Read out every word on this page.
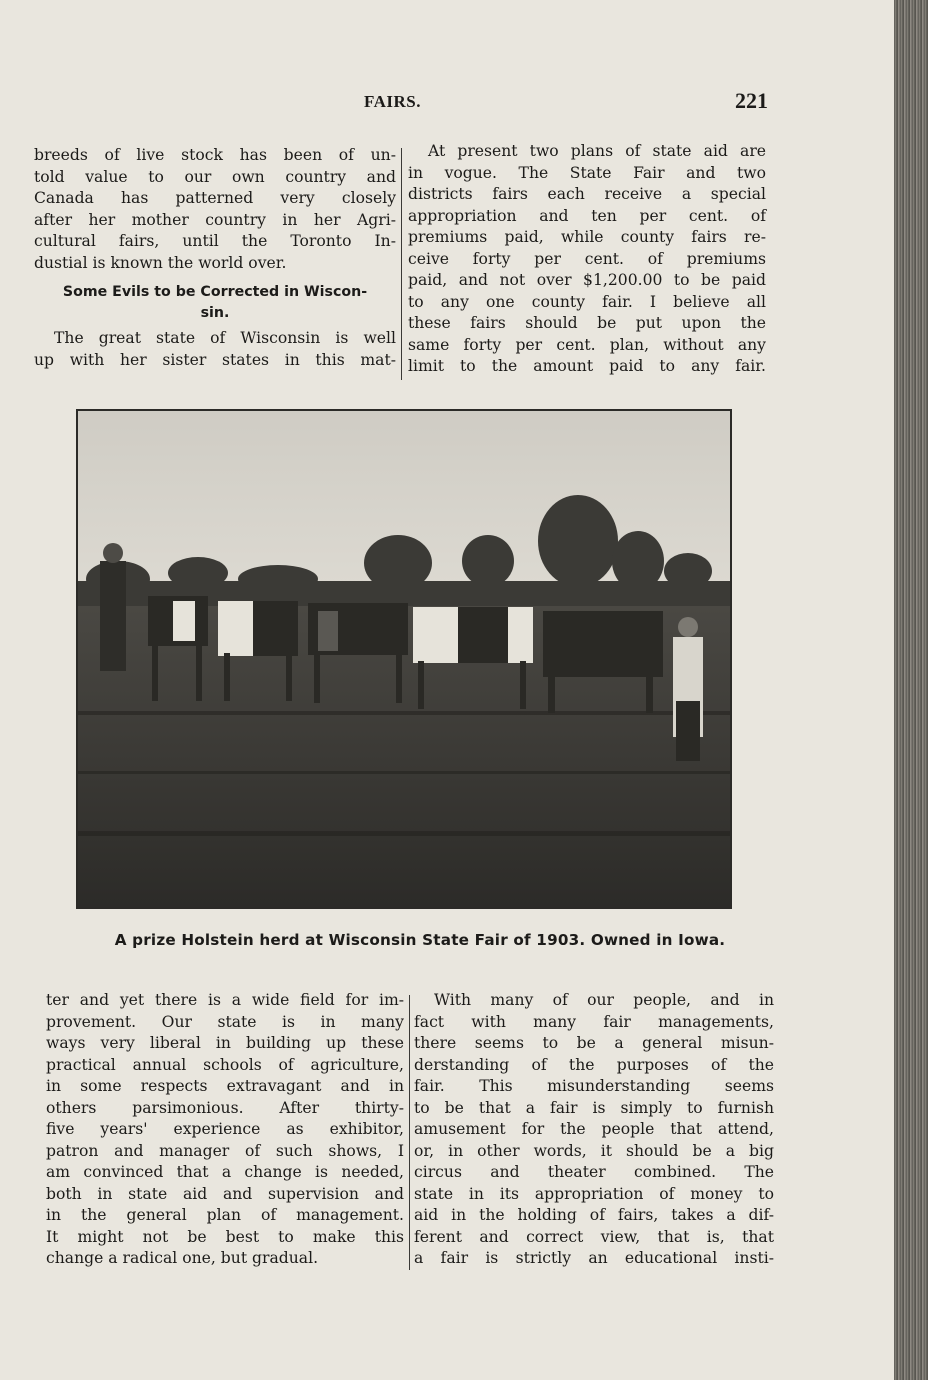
FAIRS.	221

breeds of live stock has been of un-

told value to our own country and

Canada has patterned very closely

after her mother country in her Agri-

cultural fairs, until the Toronto In-

dustial is known the world over.

Some Evils to be Corrected in Wiscon-
sin.

The great state of Wisconsin is well

up with her sister states in this mat-

At present two plans of state aid are

in vogue. The State Fair and two

districts fairs each receive a special

appropriation and ten per cent. of

premiums paid, while county fairs re-

ceive forty per cent. of premiums

paid, and not over $1,200.00 to be paid

to any one county fair. I believe all

these fairs should be put upon the

same forty per cent. plan, without any

limit to the amount paid to any fair.

A prize Holstein herd at Wisconsin State Fair of 1903. Owned in Iowa.

ter and yet there is a wide field for im-

provement. Our state is in many

ways very liberal in building up these

practical annual schools of agriculture,

in some respects extravagant and in

others parsimonious. After thirty-

five years' experience as exhibitor,

patron and manager of such shows, I

am convinced that a change is needed,

both in state aid and supervision and

in the general plan of management.

It might not be best to make this

change a radical one, but gradual.

With many of our people, and in

fact with many fair managements,

there seems to be a general misun-

derstanding of the purposes of the

fair. This misunderstanding seems

to be that a fair is simply to furnish

amusement for the people that attend,

or, in other words, it should be a big

circus and theater combined. The

state in its appropriation of money to

aid in the holding of fairs, takes a dif-

ferent and correct view, that is, that

a fair is strictly an educational insti-
